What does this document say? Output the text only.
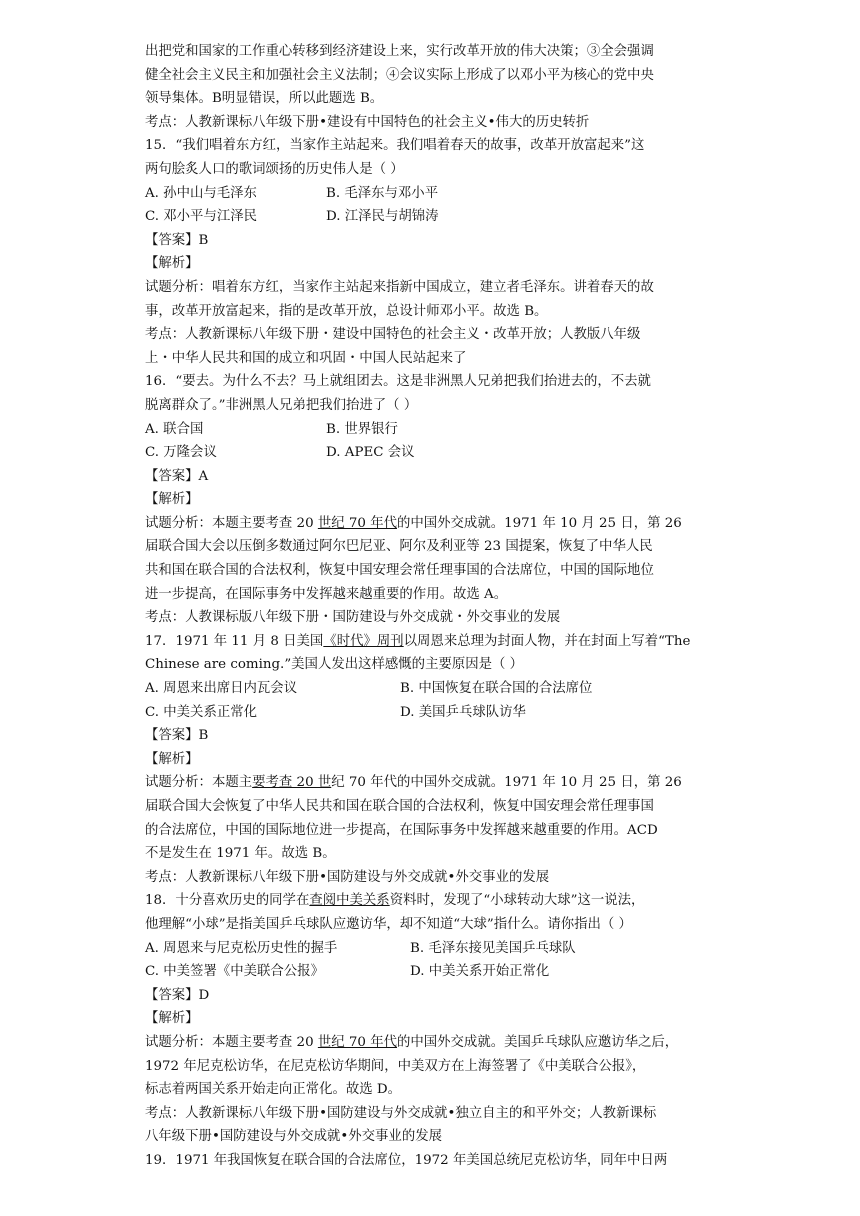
出把党和国家的工作重心转移到经济建设上来，实行改革开放的伟大决策；③全会强调
健全社会主义民主和加强社会主义法制；④会议实际上形成了以邓小平为核心的党中央
领导集体。B明显错误，所以此题选 B。
考点：人教新课标八年级下册•建设有中国特色的社会主义•伟大的历史转折
15．“我们唱着东方红，当家作主站起来。我们唱着春天的故事，改革开放富起来”这
两句脍炙人口的歌词颂扬的历史伟人是（ ）
A. 孙中山与毛泽东	B. 毛泽东与邓小平
C. 邓小平与江泽民	D. 江泽民与胡锦涛
【答案】B
【解析】
试题分析：唱着东方红，当家作主站起来指新中国成立，建立者毛泽东。讲着春天的故
事，改革开放富起来，指的是改革开放，总设计师邓小平。故选 B。
考点：人教新课标八年级下册・建设中国特色的社会主义・改革开放；人教版八年级
上・中华人民共和国的成立和巩固・中国人民站起来了
16．“要去。为什么不去？马上就组团去。这是非洲黑人兄弟把我们抬进去的，不去就
脱离群众了。”非洲黑人兄弟把我们抬进了（ ）
A. 联合国	B. 世界银行
C. 万隆会议	D. APEC 会议
【答案】A
【解析】
试题分析：本题主要考查 20 世纪 70 年代的中国外交成就。1971 年 10 月 25 日，第 26
届联合国大会以压倒多数通过阿尔巴尼亚、阿尔及利亚等 23 国提案，恢复了中华人民
共和国在联合国的合法权利，恢复中国安理会常任理事国的合法席位，中国的国际地位
进一步提高，在国际事务中发挥越来越重要的作用。故选 A。
考点：人教课标版八年级下册・国防建设与外交成就・外交事业的发展
17．1971 年 11 月 8 日美国《时代》周刊以周恩来总理为封面人物，并在封面上写着“The
Chinese are coming.”美国人发出这样感慨的主要原因是（ ）
A. 周恩来出席日内瓦会议	B. 中国恢复在联合国的合法席位
C. 中美关系正常化	D. 美国乒乓球队访华
【答案】B
【解析】
试题分析：本题主要考查 20 世纪 70 年代的中国外交成就。1971 年 10 月 25 日，第 26
届联合国大会恢复了中华人民共和国在联合国的合法权利，恢复中国安理会常任理事国
的合法席位，中国的国际地位进一步提高，在国际事务中发挥越来越重要的作用。ACD
不是发生在 1971 年。故选 B。
考点：人教新课标八年级下册•国防建设与外交成就•外交事业的发展
18．十分喜欢历史的同学在查阅中美关系资料时，发现了“小球转动大球”这一说法，
他理解“小球”是指美国乒乓球队应邀访华，却不知道“大球”指什么。请你指出（ ）
A. 周恩来与尼克松历史性的握手	B. 毛泽东接见美国乒乓球队
C. 中美签署《中美联合公报》	D. 中美关系开始正常化
【答案】D
【解析】
试题分析：本题主要考查 20 世纪 70 年代的中国外交成就。美国乒乓球队应邀访华之后，
1972 年尼克松访华，在尼克松访华期间，中美双方在上海签署了《中美联合公报》，
标志着两国关系开始走向正常化。故选 D。
考点：人教新课标八年级下册•国防建设与外交成就•独立自主的和平外交；人教新课标
八年级下册•国防建设与外交成就•外交事业的发展
19．1971 年我国恢复在联合国的合法席位，1972 年美国总统尼克松访华，同年中日两
